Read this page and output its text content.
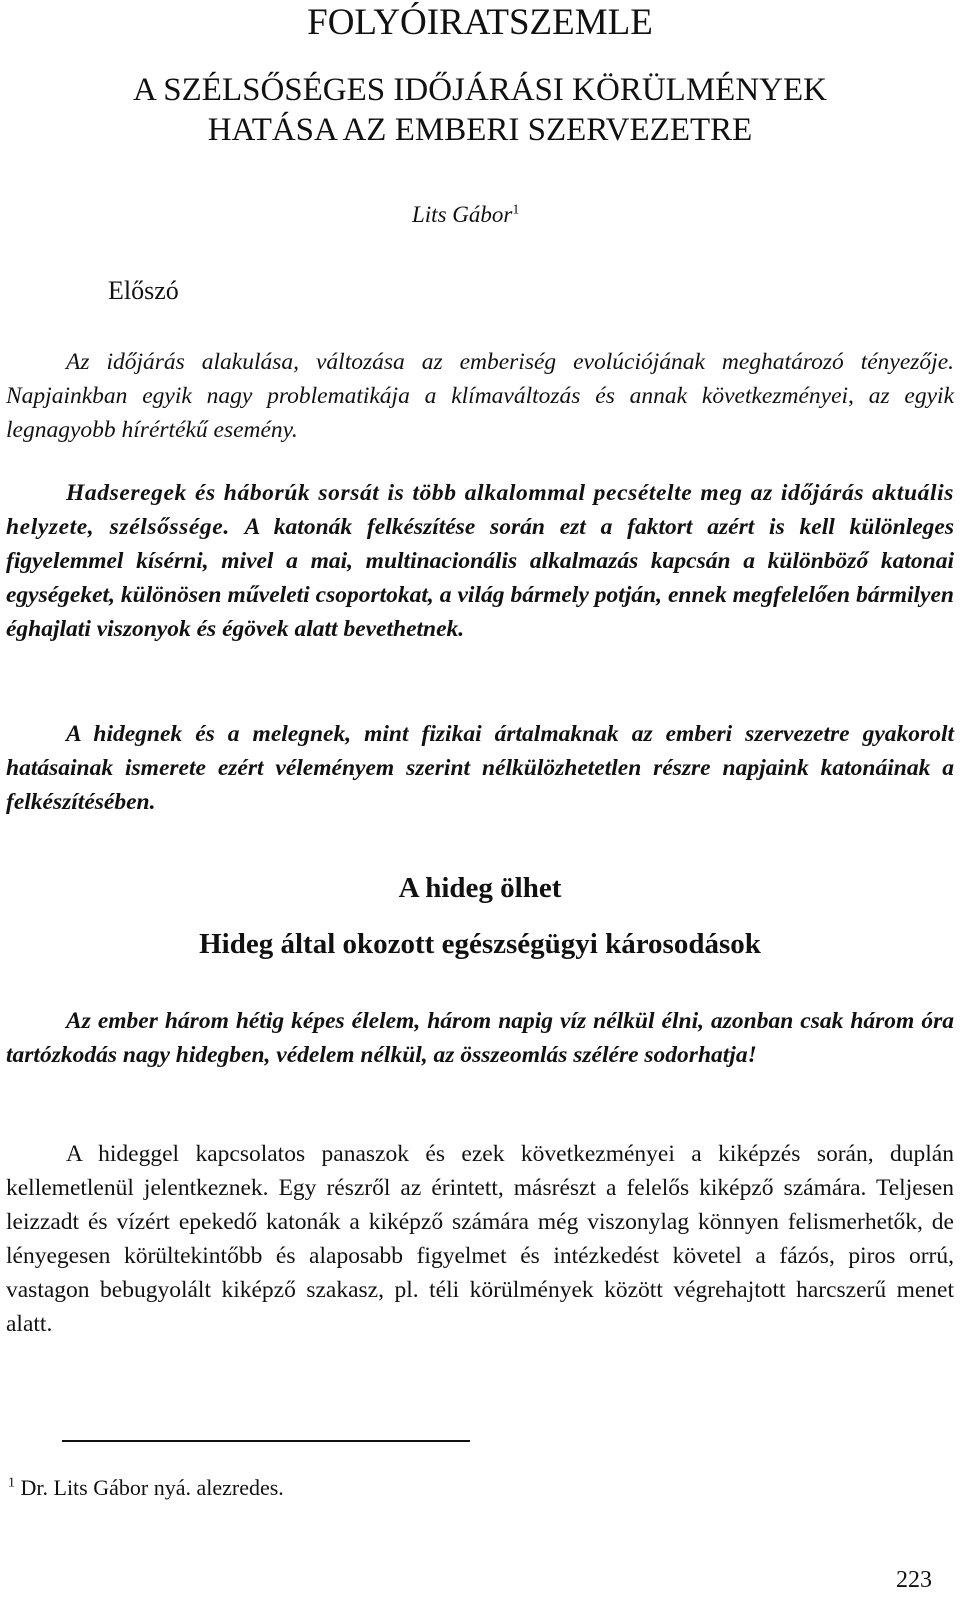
FOLYÓIRATSZEMLE
A SZÉLSŐSÉGES IDŐJÁRÁSI KÖRÜLMÉNYEK
HATÁSA AZ EMBERI SZERVEZETRE
Lits Gábor$^1$
Előszó
Az időjárás alakulása, változása az emberiség evolúciójának meghatározó tényezője. Napjainkban egyik nagy problematikája a klímaváltozás és annak következményei, az egyik legnagyobb hírértékű esemény.
Hadseregek és háborúk sorsát is több alkalommal pecsételte meg az időjárás aktuális helyzete, szélsőssége. A katonák felkészítése során ezt a faktort azért is kell különleges figyelemmel kísérni, mivel a mai, multinacionális alkalmazás kapcsán a különböző katonai egységeket, különösen műveleti csoportokat, a világ bármely potján, ennek megfelelően bármilyen éghajlati viszonyok és égövek alatt bevethetnek.
A hidegnek és a melegnek, mint fizikai ártalmaknak az emberi szervezetre gyakorolt hatásainak ismerete ezért véleményem szerint nélkülözhetetlen részre napjaink katonáinak a felkészítésében.
A hideg ölhet
Hideg által okozott egészségügyi károsodások
Az ember három hétig képes élelem, három napig víz nélkül élni, azonban csak három óra tartózkodás nagy hidegben, védelem nélkül, az összeomlás szélére sodorhatja!
A hideggel kapcsolatos panaszok és ezek következményei a kiképzés során, duplán kellemetlenül jelentkeznek. Egy részről az érintett, másrészt a felelős kiképző számára. Teljesen leizzadt és vízért epekedő katonák a kiképző számára még viszonylag könnyen felismerhetők, de lényegesen körültekintőbb és alaposabb figyelmet és intézkedést követel a fázós, piros orrú, vastagon bebugyolált kiképző szakasz, pl. téli körülmények között végrehajtott harcszerű menet alatt.
$^1$ Dr. Lits Gábor nyá. alezredes.
223
